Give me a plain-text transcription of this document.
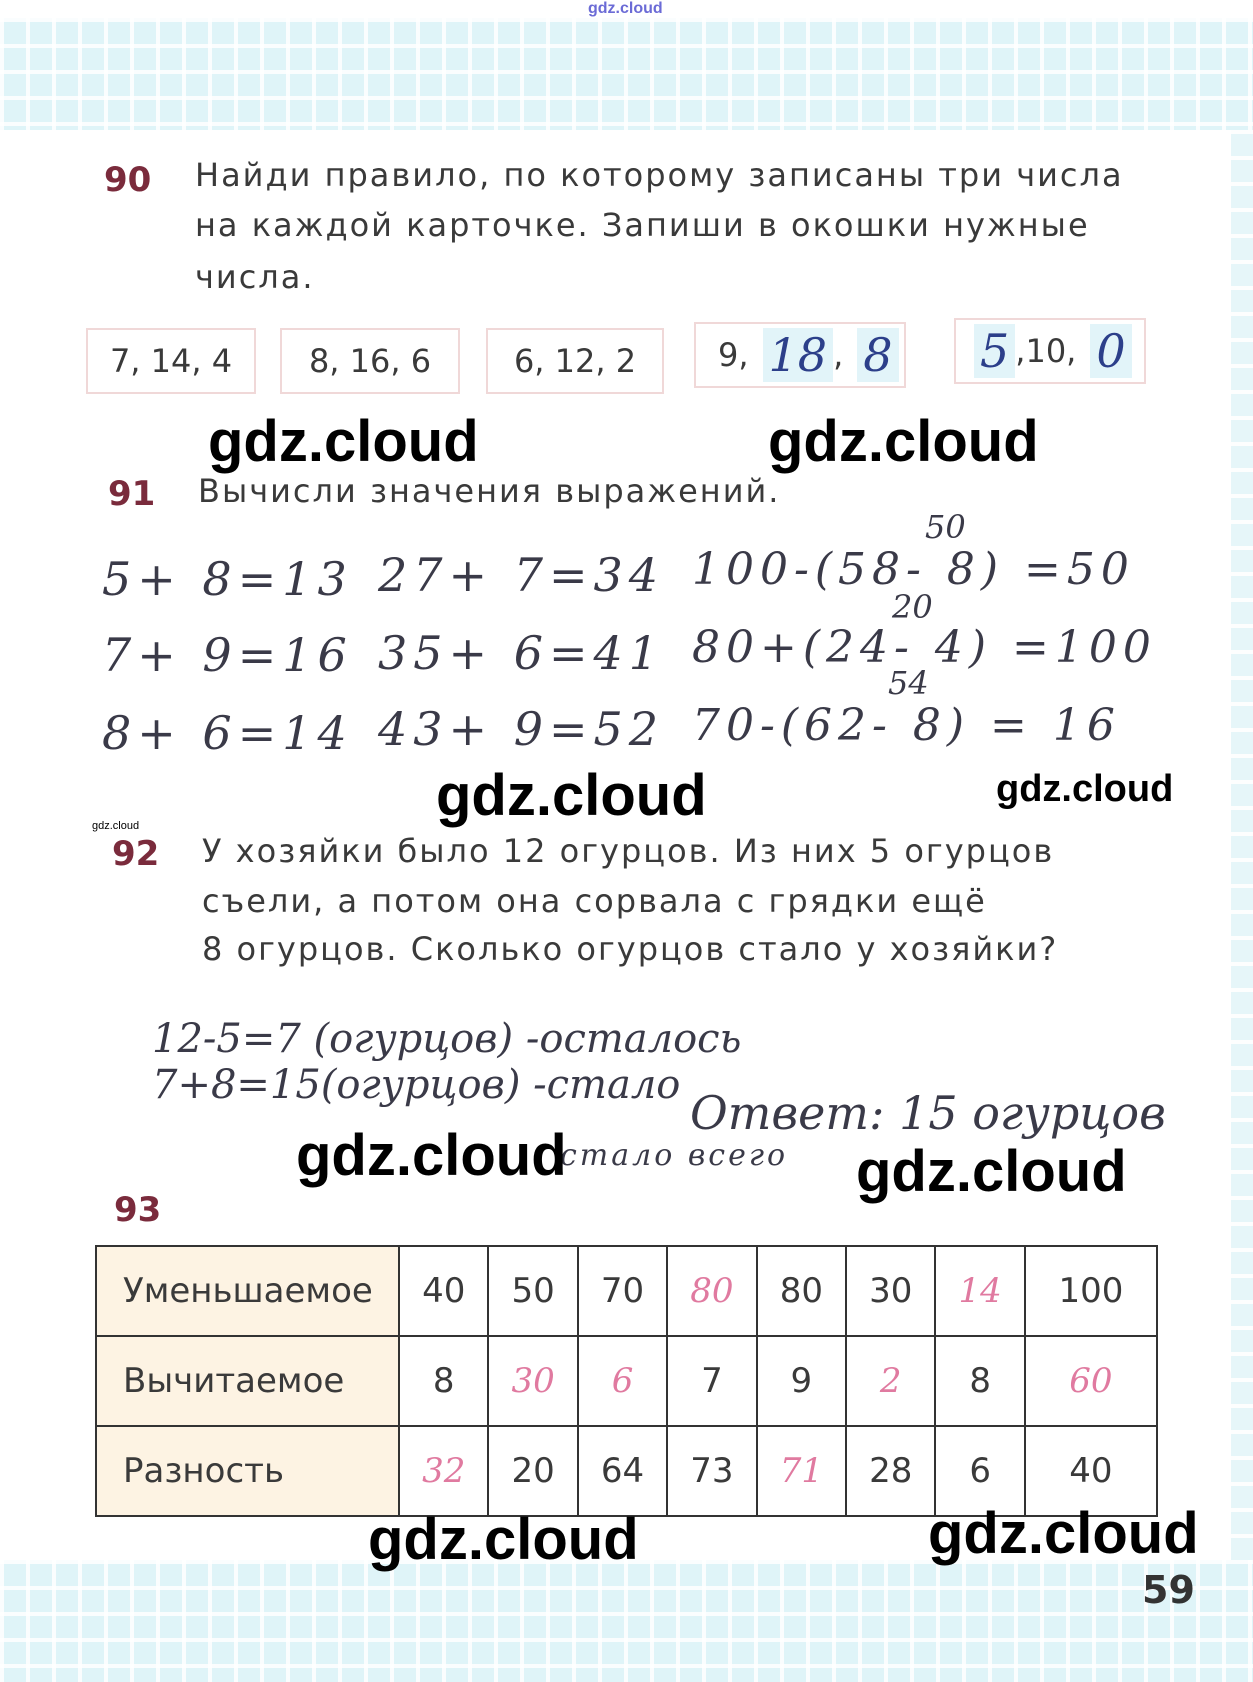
gdz.cloud
90 Найди правило, по которому записаны три числа
на каждой карточке. Запиши в окошки нужные
числа.
7, 14, 4 8, 16, 6	6, 12, 2	9, 18 , 8 5 ,10, 0
gdz.cloud	gdz.cloud
91 Вычисли значения выражений.
5+ 8=13
7+ 9=16
8+ 6=14
27+ 7=34
35+ 6=41
43+ 9=52
50
100-(58- 8) =50
20
80+(24- 4) =100
54
70-(62- 8) = 16
gdz.cloud	gdz.cloud
gdz.cloud
92 У хозяйки было 12 огурцов. Из них 5 огурцов
съели, а потом она сорвала с грядки ещё
8 огурцов. Сколько огурцов стало у хозяйки?
12-5=7 (огурцов) -осталось
7+8=15(огурцов) -стало
Ответ: 15 огурцов
стало всего
gdz.cloud	gdz.cloud
93
Уменьшаемое	40	50	70	80	80	30	14	100
Вычитаемое	8	30	6	7	9	2	8	60
Разность	32	20	64	73	71	28	6	40
gdz.cloud	gdz.cloud
59
